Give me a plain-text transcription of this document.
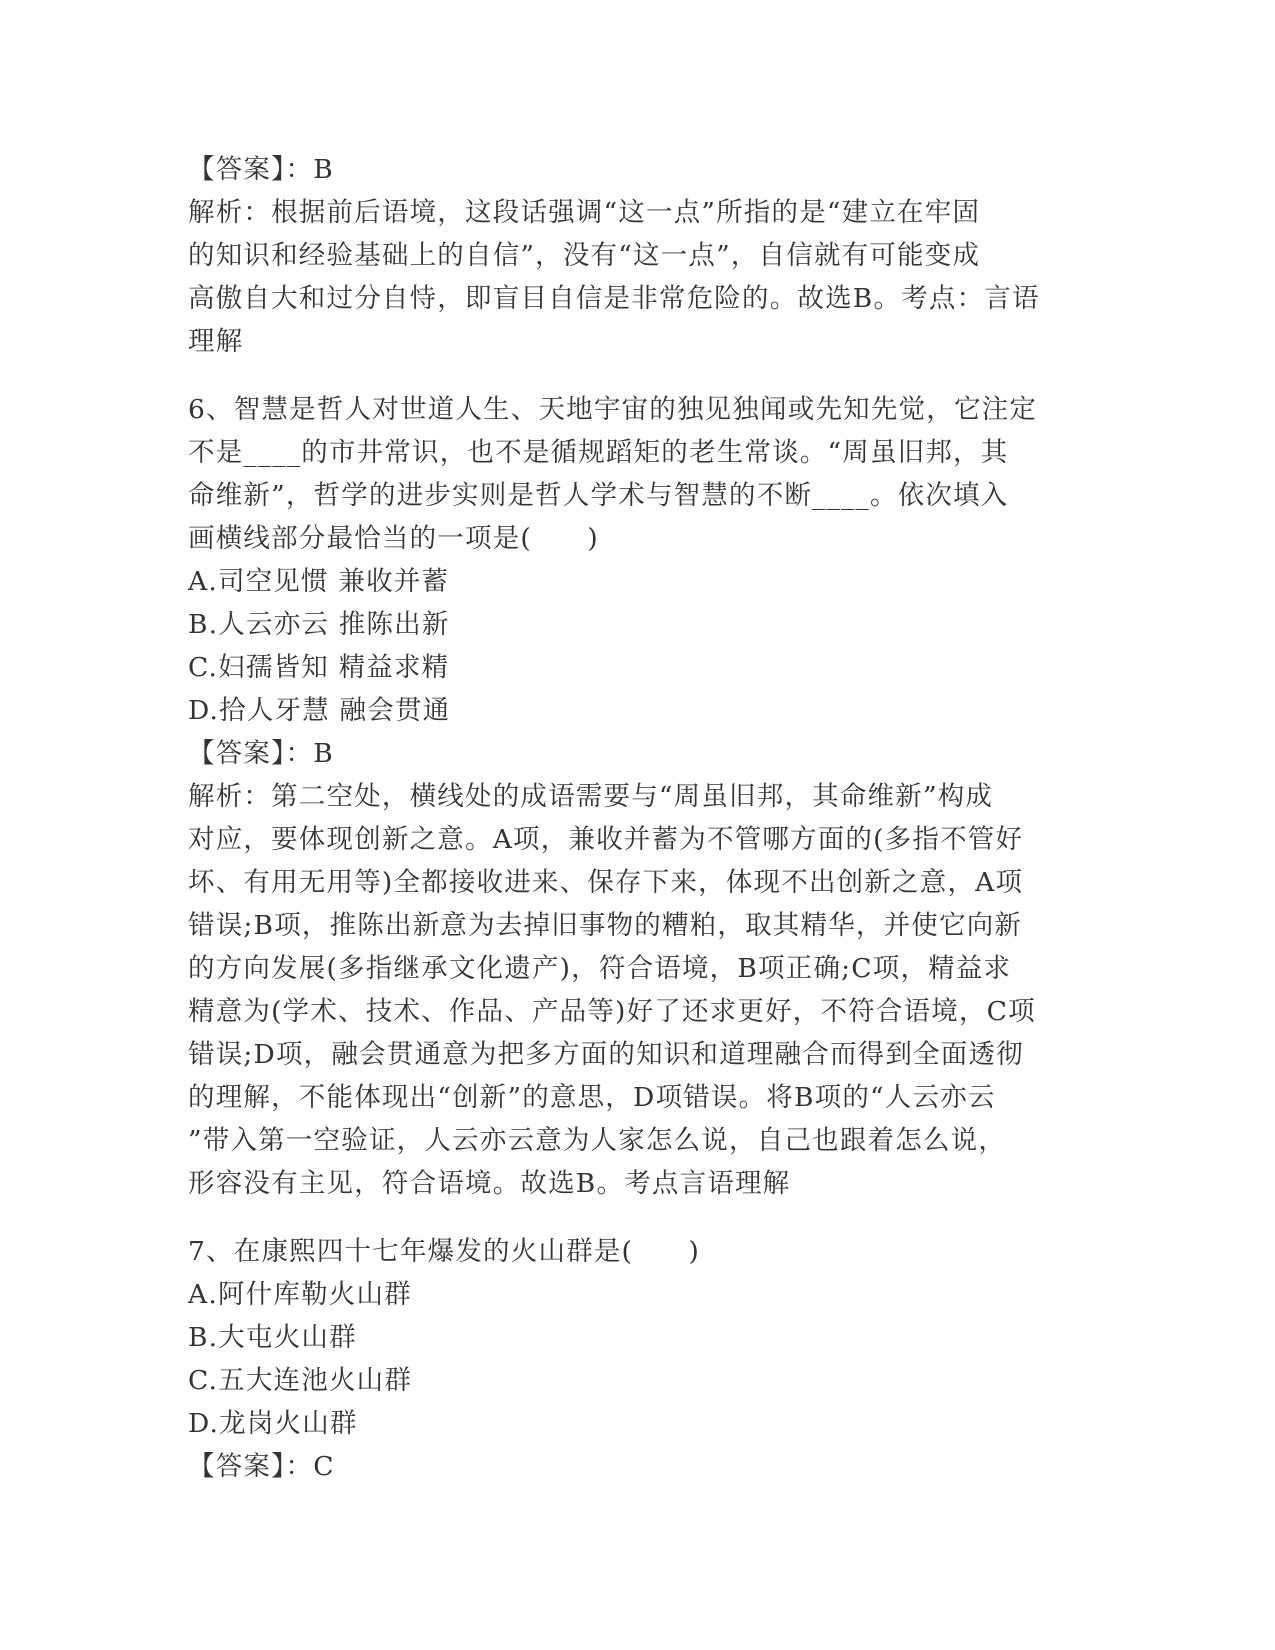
【答案】：B
解析：根据前后语境，这段话强调“这一点”所指的是“建立在牢固
的知识和经验基础上的自信”，没有“这一点”，自信就有可能变成
高傲自大和过分自恃，即盲目自信是非常危险的。故选B。考点：言语
理解
6、智慧是哲人对世道人生、天地宇宙的独见独闻或先知先觉，它注定
不是____的市井常识，也不是循规蹈矩的老生常谈。“周虽旧邦，其
命维新”，哲学的进步实则是哲人学术与智慧的不断____。依次填入
画横线部分最恰当的一项是(　　)
A.司空见惯 兼收并蓄
B.人云亦云 推陈出新
C.妇孺皆知 精益求精
D.拾人牙慧 融会贯通
【答案】：B
解析：第二空处，横线处的成语需要与“周虽旧邦，其命维新”构成
对应，要体现创新之意。A项，兼收并蓄为不管哪方面的(多指不管好
坏、有用无用等)全都接收进来、保存下来，体现不出创新之意，A项
错误;B项，推陈出新意为去掉旧事物的糟粕，取其精华，并使它向新
的方向发展(多指继承文化遗产)，符合语境，B项正确;C项，精益求
精意为(学术、技术、作品、产品等)好了还求更好，不符合语境，C项
错误;D项，融会贯通意为把多方面的知识和道理融合而得到全面透彻
的理解，不能体现出“创新”的意思，D项错误。将B项的“人云亦云
”带入第一空验证，人云亦云意为人家怎么说，自己也跟着怎么说，
形容没有主见，符合语境。故选B。考点言语理解
7、在康熙四十七年爆发的火山群是(　　)
A.阿什库勒火山群
B.大屯火山群
C.五大连池火山群
D.龙岗火山群
【答案】：C
